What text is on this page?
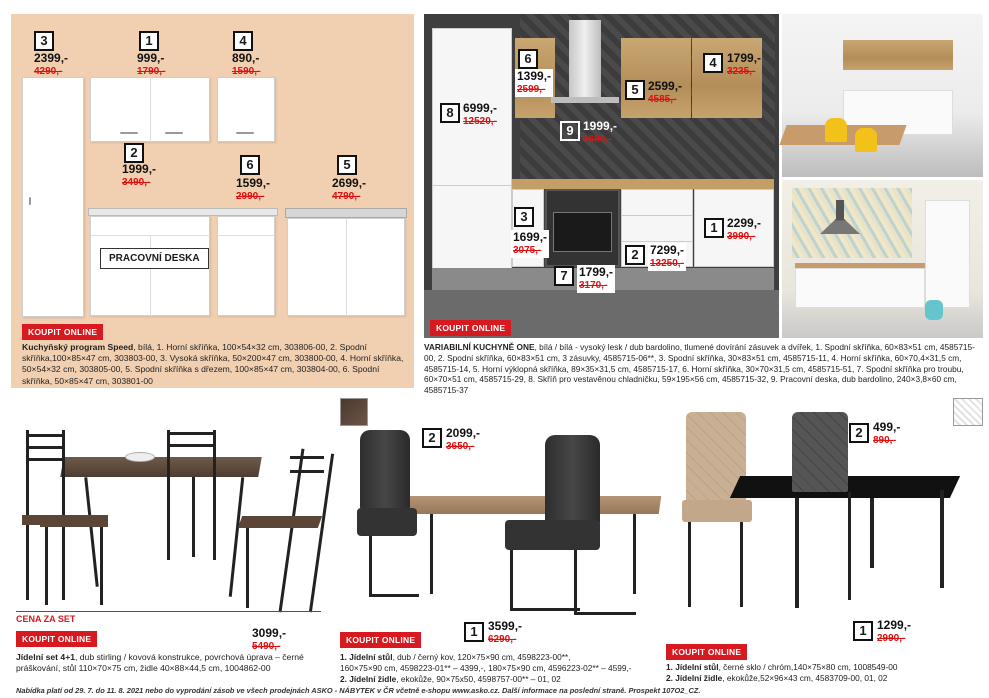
PRACOVNÍ DESKA
3
2399,-
4290,-
1
999,-
1790,-
4
890,-
1590,-
2
1999,-
3490,-
6
1599,-
2990,-
5
2699,-
4790,-
KOUPIT ONLINE
Kuchyňský program Speed, bílá, 1. Horní skříňka, 100×54×32 cm, 303806-00, 2. Spodní skříňka,100×85×47 cm, 303803-00, 3. Vysoká skříňka, 50×200×47 cm, 303800-00, 4. Horní skříňka, 50×54×32 cm, 303805-00, 5. Spodní skříňka s dřezem, 100×85×47 cm, 303804-00, 6. Spodní skříňka, 50×85×47 cm, 303801-00
6
1399,-
2599,-
4 1799,-
3235,-
5 2599,-
4585,-
8 6999,-
12520,-
9 1999,-
3680,-
3
1699,-
3075,-
1 2299,-
3990,-
2 7299,-
13250,-
7 1799,-
3170,-
KOUPIT ONLINE
VARIABILNÍ KUCHYNĚ ONE, bílá / bílá - vysoký lesk / dub bardolino, tlumené dovírání zásuvek a dvířek, 1. Spodní skříňka, 60×83×51 cm, 4585715-00, 2. Spodní skříňka, 60×83×51 cm, 3 zásuvky, 4585715-06**, 3. Spodní skříňka, 30×83×51 cm, 4585715-11, 4. Horní skříňka, 60×70,4×31,5 cm, 4585715-14, 5. Horní výklopná skříňka, 89×35×31,5 cm, 4585715-17, 6. Horní skříňka, 30×70×31,5 cm, 4585715-51, 7. Spodní skříňka pro troubu, 60×70×51 cm, 4585715-29, 8. Skříň pro vestavěnou chladničku, 59×195×56 cm, 4585715-32, 9. Pracovní deska, dub bardolino, 240×3,8×60 cm, 4585715-37
CENA ZA SET
KOUPIT ONLINE	3099,-
5490,-
Jídelní set 4+1, dub stirling / kovová konstrukce, povrchová úprava – černé práškování, stůl 110×70×75 cm, židle 40×88×44,5 cm, 1004862-00
2 2099,-
3650,-
1 3599,-
6290,-
KOUPIT ONLINE
1. Jídelní stůl, dub / černý kov, 120×75×90 cm, 4598223-00**,
160×75×90 cm, 4598223-01** – 4399,-, 180×75×90 cm, 4596223-02** – 4599,-
2. Jídelní židle, ekokůže, 90×75x50, 4598757-00** – 01, 02
2 499,-
890,-
1 1299,-
2990,-
KOUPIT ONLINE
1. Jídelní stůl, černé sklo / chróm,140×75×80 cm, 1008549-00
2. Jídelní židle, ekokůže,52×96×43 cm, 4583709-00, 01, 02
Nabídka platí od 29. 7. do 11. 8. 2021 nebo do vyprodání zásob ve všech prodejnách ASKO - NÁBYTEK v ČR včetně e-shopu www.asko.cz. Další informace na poslední straně. Prospekt 107O2_CZ.
